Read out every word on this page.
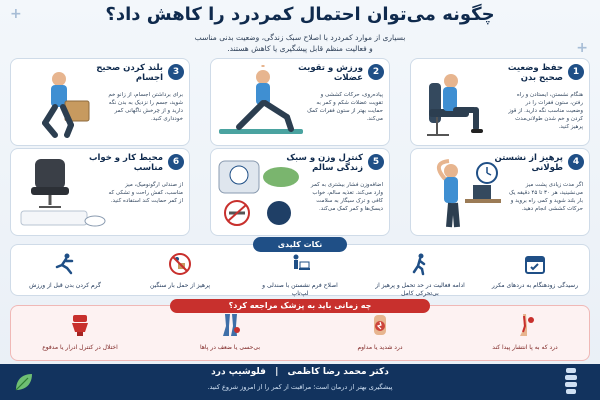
+
+
چگونه می‌توان احتمال کمردرد را کاهش داد؟
بسیاری از موارد کمردرد با اصلاح سبک زندگی، وضعیت بدنی مناسب
و فعالیت منظم قابل پیشگیری یا کاهش هستند.
1
حفظ وضعیت صحیح بدن
هنگام نشستن، ایستادن و راه رفتن، ستون فقرات را در وضعیت مناسب نگه دارید. از قوز کردن و خم شدن طولانی‌مدت پرهیز کنید.
2
ورزش و تقویت عضلات
پیاده‌روی، حرکات کششی و تقویت عضلات شکم و کمر به حمایت بهتر از ستون فقرات کمک می‌کند.
3
بلند کردن صحیح اجسام
برای برداشتن اجسام، از زانو خم شوید، جسم را نزدیک به بدن نگه دارید و از چرخش ناگهانی کمر خودداری کنید.
4
پرهیز از نشستن طولانی
اگر مدت زیادی پشت میز می‌نشینید، هر ۳۰ تا ۴۵ دقیقه یک بار بلند شوید و کمی راه بروید و حرکات کششی انجام دهید.
5
کنترل وزن و سبک زندگی سالم
اضافه‌وزن فشار بیشتری به کمر وارد می‌کند. تغذیه سالم، خواب کافی و ترک سیگار به سلامت دیسک‌ها و کمر کمک می‌کند.
6
محیط کار و خواب مناسب
از صندلی ارگونومیک، میز مناسب، کفش راحت و تشکی که از کمر حمایت کند استفاده کنید.
نکات کلیدی
رسیدگی زودهنگام به دردهای مکرر
ادامه فعالیت در حد تحمل و پرهیز از بی‌تحرکی کامل
اصلاح فرم نشستن با صندلی و لپ‌تاپ
پرهیز از حمل بار سنگین
گرم کردن بدن قبل از ورزش
چه زمانی باید به پزشک مراجعه کرد؟
درد که به پا انتشار پیدا کند
درد شدید یا مداوم
بی‌حسی یا ضعف در پاها
اختلال در کنترل ادرار یا مدفوع
دکتر محمد رضا کاظمی | فلوشیپ درد
پیشگیری بهتر از درمان است؛ مراقبت از کمر را از امروز شروع کنید.
